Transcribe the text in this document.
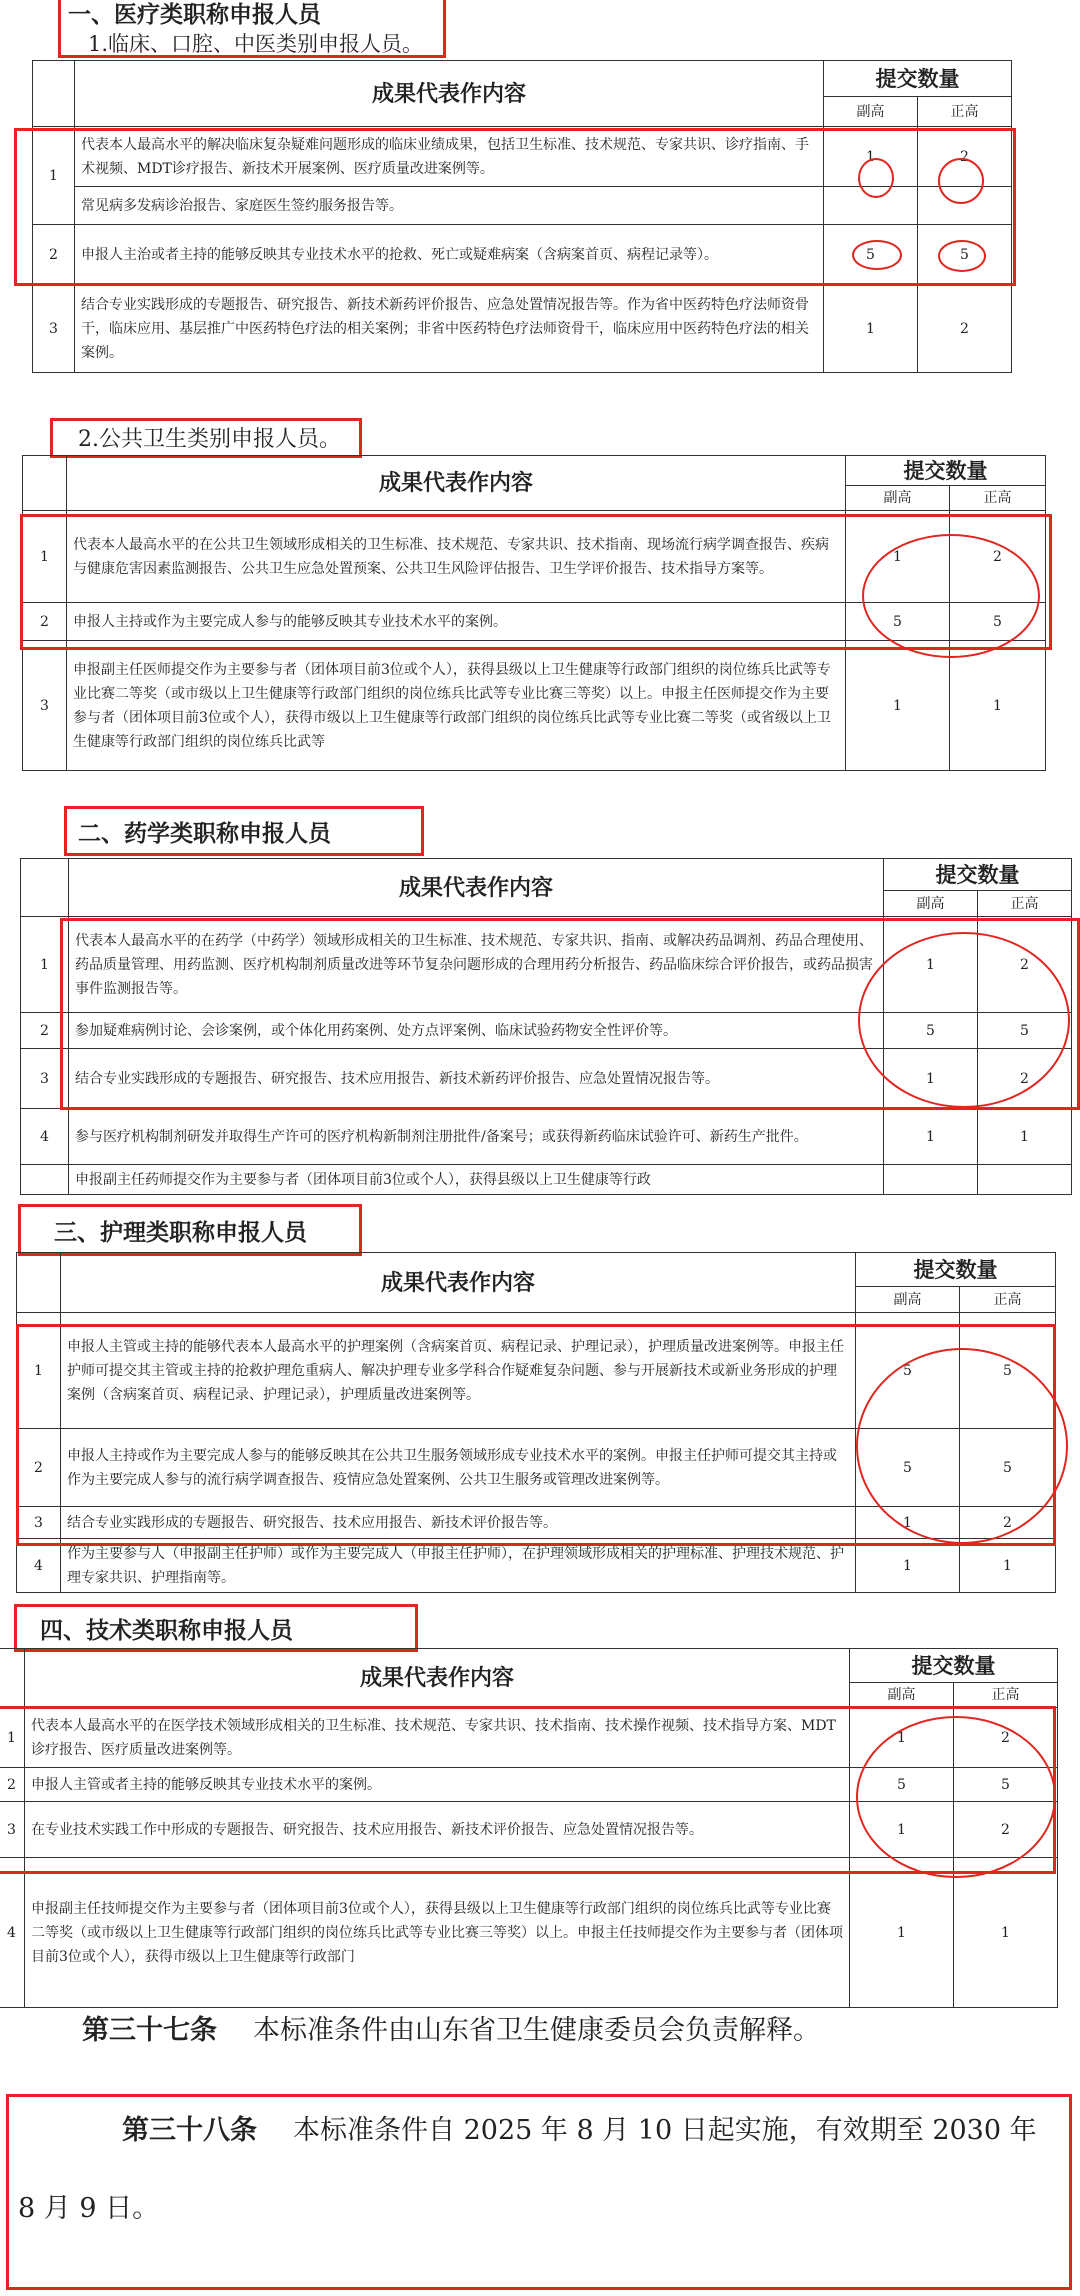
一、医疗类职称申报人员
1.临床、口腔、中医类别申报人员。
	成果代表作内容	提交数量	
		副高	正高
1	代表本人最高水平的解决临床复杂疑难问题形成的临床业绩成果，包括卫生标准、技术规范、专家共识、诊疗指南、手术视频、MDT诊疗报告、新技术开展案例、医疗质量改进案例等。	1	2
	常见病多发病诊治报告、家庭医生签约服务报告等。		
2	申报人主治或者主持的能够反映其专业技术水平的抢救、死亡或疑难病案（含病案首页、病程记录等）。	5	5
3	结合专业实践形成的专题报告、研究报告、新技术新药评价报告、应急处置情况报告等。作为省中医药特色疗法师资骨干，临床应用、基层推广中医药特色疗法的相关案例；非省中医药特色疗法师资骨干，临床应用中医药特色疗法的相关案例。	1	2
2.公共卫生类别申报人员。
	成果代表作内容	提交数量	
		副高	正高
1	代表本人最高水平的在公共卫生领域形成相关的卫生标准、技术规范、专家共识、技术指南、现场流行病学调查报告、疾病与健康危害因素监测报告、公共卫生应急处置预案、公共卫生风险评估报告、卫生学评价报告、技术指导方案等。	1	2
2	申报人主持或作为主要完成人参与的能够反映其专业技术水平的案例。	5	5
3	申报副主任医师提交作为主要参与者（团体项目前3位或个人），获得县级以上卫生健康等行政部门组织的岗位练兵比武等专业比赛二等奖（或市级以上卫生健康等行政部门组织的岗位练兵比武等专业比赛三等奖）以上。申报主任医师提交作为主要参与者（团体项目前3位或个人），获得市级以上卫生健康等行政部门组织的岗位练兵比武等专业比赛二等奖（或省级以上卫生健康等行政部门组织的岗位练兵比武等	1	1
二、药学类职称申报人员
	成果代表作内容	提交数量	
		副高	正高
1	代表本人最高水平的在药学（中药学）领域形成相关的卫生标准、技术规范、专家共识、指南、或解决药品调剂、药品合理使用、药品质量管理、用药监测、医疗机构制剂质量改进等环节复杂问题形成的合理用药分析报告、药品临床综合评价报告，或药品损害事件监测报告等。	1	2
2	参加疑难病例讨论、会诊案例，或个体化用药案例、处方点评案例、临床试验药物安全性评价等。	5	5
3	结合专业实践形成的专题报告、研究报告、技术应用报告、新技术新药评价报告、应急处置情况报告等。	1	2
4	参与医疗机构制剂研发并取得生产许可的医疗机构新制剂注册批件/备案号；或获得新药临床试验许可、新药生产批件。	1	1
	申报副主任药师提交作为主要参与者（团体项目前3位或个人），获得县级以上卫生健康等行政		
三、护理类职称申报人员
	成果代表作内容	提交数量	
		副高	正高
1	申报人主管或主持的能够代表本人最高水平的护理案例（含病案首页、病程记录、护理记录），护理质量改进案例等。申报主任护师可提交其主管或主持的抢救护理危重病人、解决护理专业多学科合作疑难复杂问题、参与开展新技术或新业务形成的护理案例（含病案首页、病程记录、护理记录），护理质量改进案例等。	5	5
2	申报人主持或作为主要完成人参与的能够反映其在公共卫生服务领域形成专业技术水平的案例。申报主任护师可提交其主持或作为主要完成人参与的流行病学调查报告、疫情应急处置案例、公共卫生服务或管理改进案例等。	5	5
3	结合专业实践形成的专题报告、研究报告、技术应用报告、新技术评价报告等。	1	2
4	作为主要参与人（申报副主任护师）或作为主要完成人（申报主任护师），在护理领域形成相关的护理标准、护理技术规范、护理专家共识、护理指南等。	1	1
四、技术类职称申报人员
	成果代表作内容	提交数量	
		副高	正高
1	代表本人最高水平的在医学技术领域形成相关的卫生标准、技术规范、专家共识、技术指南、技术操作视频、技术指导方案、MDT诊疗报告、医疗质量改进案例等。	1	2
2	申报人主管或者主持的能够反映其专业技术水平的案例。	5	5
3	在专业技术实践工作中形成的专题报告、研究报告、技术应用报告、新技术评价报告、应急处置情况报告等。	1	2
4	申报副主任技师提交作为主要参与者（团体项目前3位或个人），获得县级以上卫生健康等行政部门组织的岗位练兵比武等专业比赛二等奖（或市级以上卫生健康等行政部门组织的岗位练兵比武等专业比赛三等奖）以上。申报主任技师提交作为主要参与者（团体项目前3位或个人），获得市级以上卫生健康等行政部门	1	1
第三十七条 本标准条件由山东省卫生健康委员会负责解释。
第三十八条 本标准条件自 2025 年 8 月 10 日起实施，有效期至 2030 年
8 月 9 日。
